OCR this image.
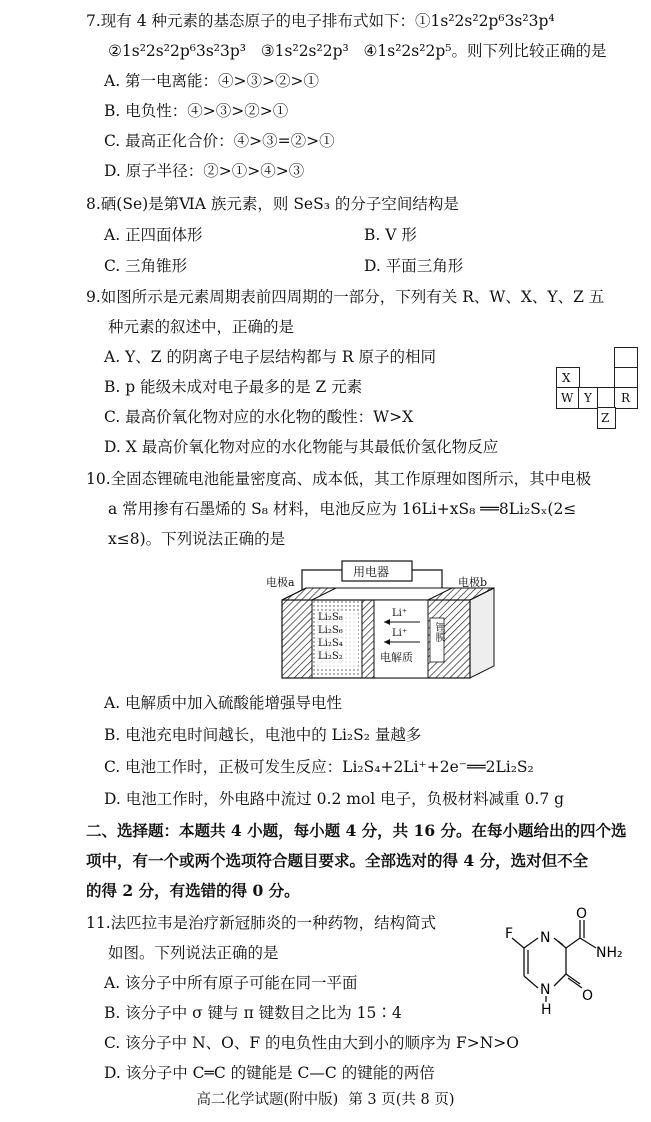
7.现有 4 种元素的基态原子的电子排布式如下：①1s²2s²2p⁶3s²3p⁴
②1s²2s²2p⁶3s²3p³ ③1s²2s²2p³ ④1s²2s²2p⁵。则下列比较正确的是
A. 第一电离能：④>③>②>①
B. 电负性：④>③>②>①
C. 最高正化合价：④>③=②>①
D. 原子半径：②>①>④>③
8.硒(Se)是第ⅥA 族元素，则 SeS₃ 的分子空间结构是
A. 正四面体形	B. V 形
C. 三角锥形	D. 平面三角形
9.如图所示是元素周期表前四周期的一部分，下列有关 R、W、X、Y、Z 五
种元素的叙述中，正确的是
A. Y、Z 的阴离子电子层结构都与 R 原子的相同
B. p 能级未成对电子最多的是 Z 元素
C. 最高价氧化物对应的水化物的酸性：W>X
D. X 最高价氧化物对应的水化物能与其最低价氢化物反应
X
W Y R
Z
10.全固态锂硫电池能量密度高、成本低，其工作原理如图所示，其中电极
a 常用掺有石墨烯的 S₈ 材料，电池反应为 16Li+xS₈ ══8Li₂Sₓ(2≤
x≤8)。下列说法正确的是
电极a	电极b
用电器
Li₂S₈
Li₂S₆
Li₂S₄
Li₂S₂
Li⁺
Li⁺
电解质
锂膜
A. 电解质中加入硫酸能增强导电性
B. 电池充电时间越长，电池中的 Li₂S₂ 量越多
C. 电池工作时，正极可发生反应：Li₂S₄+2Li⁺+2e⁻══2Li₂S₂
D. 电池工作时，外电路中流过 0.2 mol 电子，负极材料减重 0.7 g
二、选择题：本题共 4 小题，每小题 4 分，共 16 分。在每小题给出的四个选
项中，有一个或两个选项符合题目要求。全部选对的得 4 分，选对但不全
的得 2 分，有选错的得 0 分。
11.法匹拉韦是治疗新冠肺炎的一种药物，结构简式
如图。下列说法正确的是
A. 该分子中所有原子可能在同一平面
B. 该分子中 σ 键与 π 键数目之比为 15∶4
C. 该分子中 N、O、F 的电负性由大到小的顺序为 F>N>O
D. 该分子中 C═C 的键能是 C—C 的键能的两倍
F N
O
NH₂
N
H
O
高二化学试题(附中版) 第 3 页(共 8 页)
